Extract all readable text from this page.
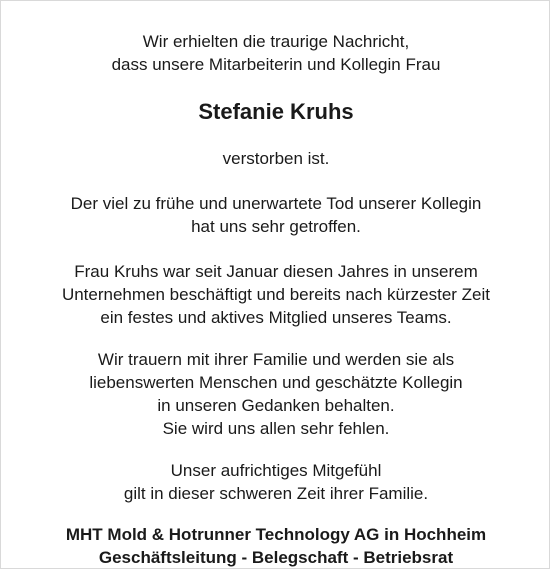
Wir erhielten die traurige Nachricht,
dass unsere Mitarbeiterin und Kollegin Frau
Stefanie Kruhs
verstorben ist.
Der viel zu frühe und unerwartete Tod unserer Kollegin
hat uns sehr getroffen.
Frau Kruhs war seit Januar diesen Jahres in unserem
Unternehmen beschäftigt und bereits nach kürzester Zeit
ein festes und aktives Mitglied unseres Teams.
Wir trauern mit ihrer Familie und werden sie als
liebenswerten Menschen und geschätzte Kollegin
in unseren Gedanken behalten.
Sie wird uns allen sehr fehlen.
Unser aufrichtiges Mitgefühl
gilt in dieser schweren Zeit ihrer Familie.
MHT Mold & Hotrunner Technology AG in Hochheim
Geschäftsleitung - Belegschaft - Betriebsrat
